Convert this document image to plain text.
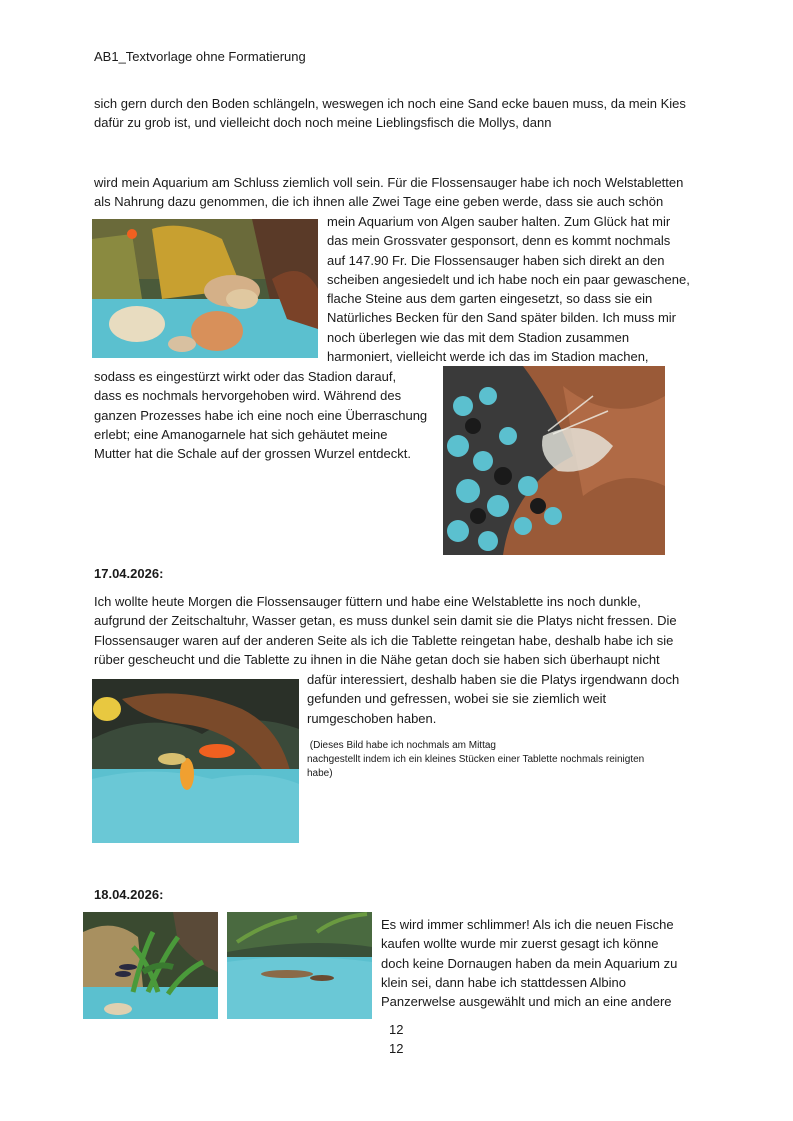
AB1_Textvorlage ohne Formatierung
sich gern durch den Boden schlängeln, weswegen ich noch eine Sand ecke bauen muss, da mein Kies
dafür zu grob ist, und vielleicht doch noch meine Lieblingsfisch die Mollys, dann
wird mein Aquarium am Schluss ziemlich voll sein. Für die Flossensauger habe ich noch Welstabletten
als Nahrung dazu genommen, die ich ihnen alle Zwei Tage eine geben werde, dass sie auch schön
mein Aquarium von Algen sauber halten. Zum Glück hat mir
das mein Grossvater gesponsort, denn es kommt nochmals
auf 147.90 Fr. Die Flossensauger haben sich direkt an den
scheiben angesiedelt und ich habe noch ein paar gewaschene,
flache Steine aus dem garten eingesetzt, so dass sie ein
Natürliches Becken für den Sand später bilden. Ich muss mir
noch überlegen wie das mit dem Stadion zusammen
harmoniert, vielleicht werde ich das im Stadion machen,
sodass es eingestürzt wirkt oder das Stadion darauf,
dass es nochmals hervorgehoben wird. Während des
ganzen Prozesses habe ich eine noch eine Überraschung
erlebt; eine Amanogarnele hat sich gehäutet meine
Mutter hat die Schale auf der grossen Wurzel entdeckt.
17.04.2026:
Ich wollte heute Morgen die Flossensauger füttern und habe eine Welstablette ins noch dunkle,
aufgrund der Zeitschaltuhr, Wasser getan, es muss dunkel sein damit sie die Platys nicht fressen. Die
Flossensauger waren auf der anderen Seite als ich die Tablette reingetan habe, deshalb habe ich sie
rüber gescheucht und die Tablette zu ihnen in die Nähe getan doch sie haben sich überhaupt nicht
dafür interessiert, deshalb haben sie die Platys irgendwann doch
gefunden und gefressen, wobei sie sie ziemlich weit
rumgeschoben haben.
(Dieses Bild habe ich nochmals am Mittag
nachgestellt indem ich ein kleines Stücken einer Tablette nochmals reinigten
habe)
18.04.2026:
Es wird immer schlimmer! Als ich die neuen Fische
kaufen wollte wurde mir zuerst gesagt ich könne
doch keine Dornaugen haben da mein Aquarium zu
klein sei, dann habe ich stattdessen Albino
Panzerwelse ausgewählt und mich an eine andere
12
12
